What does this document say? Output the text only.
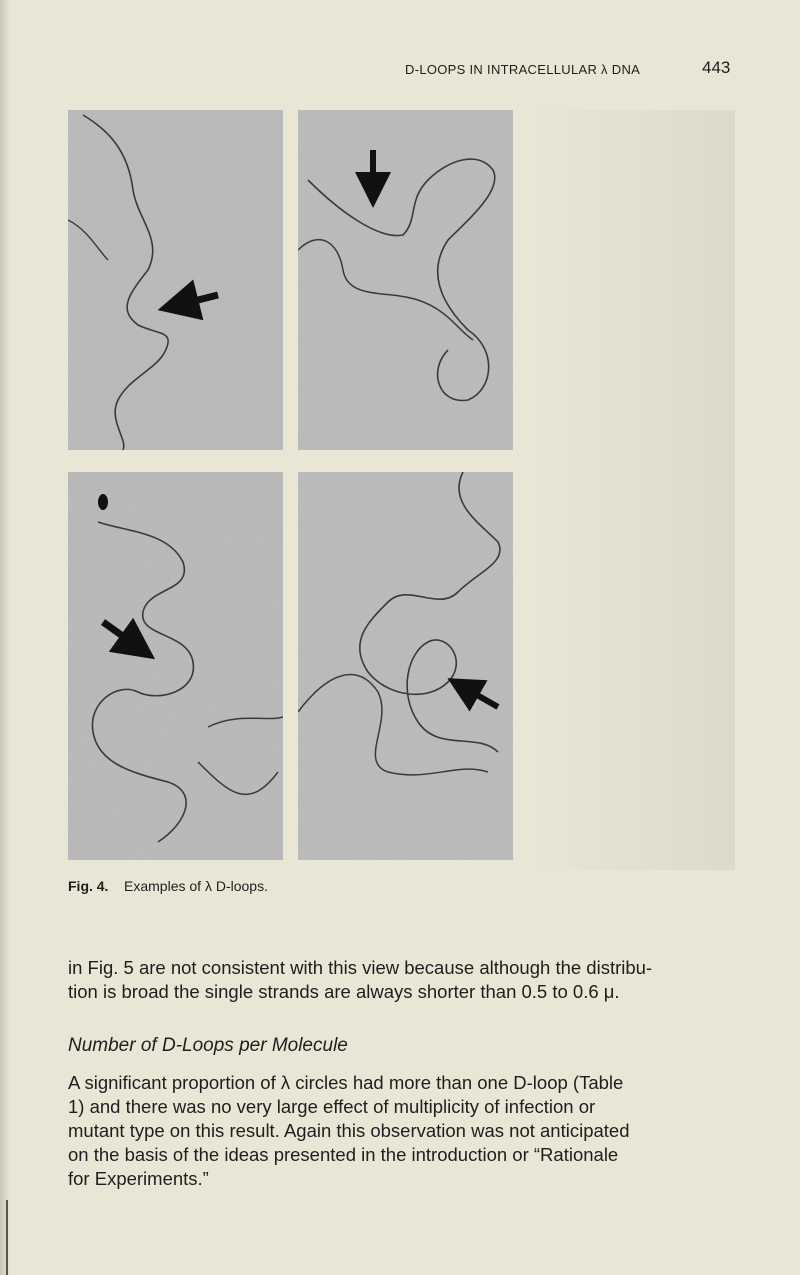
D-LOOPS IN INTRACELLULAR λ DNA	443
Fig. 4. Examples of λ D-loops.

in Fig. 5 are not consistent with this view because although the distribu-

tion is broad the single strands are always shorter than 0.5 to 0.6 μ.

Number of D-Loops per Molecule

A significant proportion of λ circles had more than one D-loop (Table

1) and there was no very large effect of multiplicity of infection or

mutant type on this result. Again this observation was not anticipated

on the basis of the ideas presented in the introduction or “Rationale

for Experiments.”
